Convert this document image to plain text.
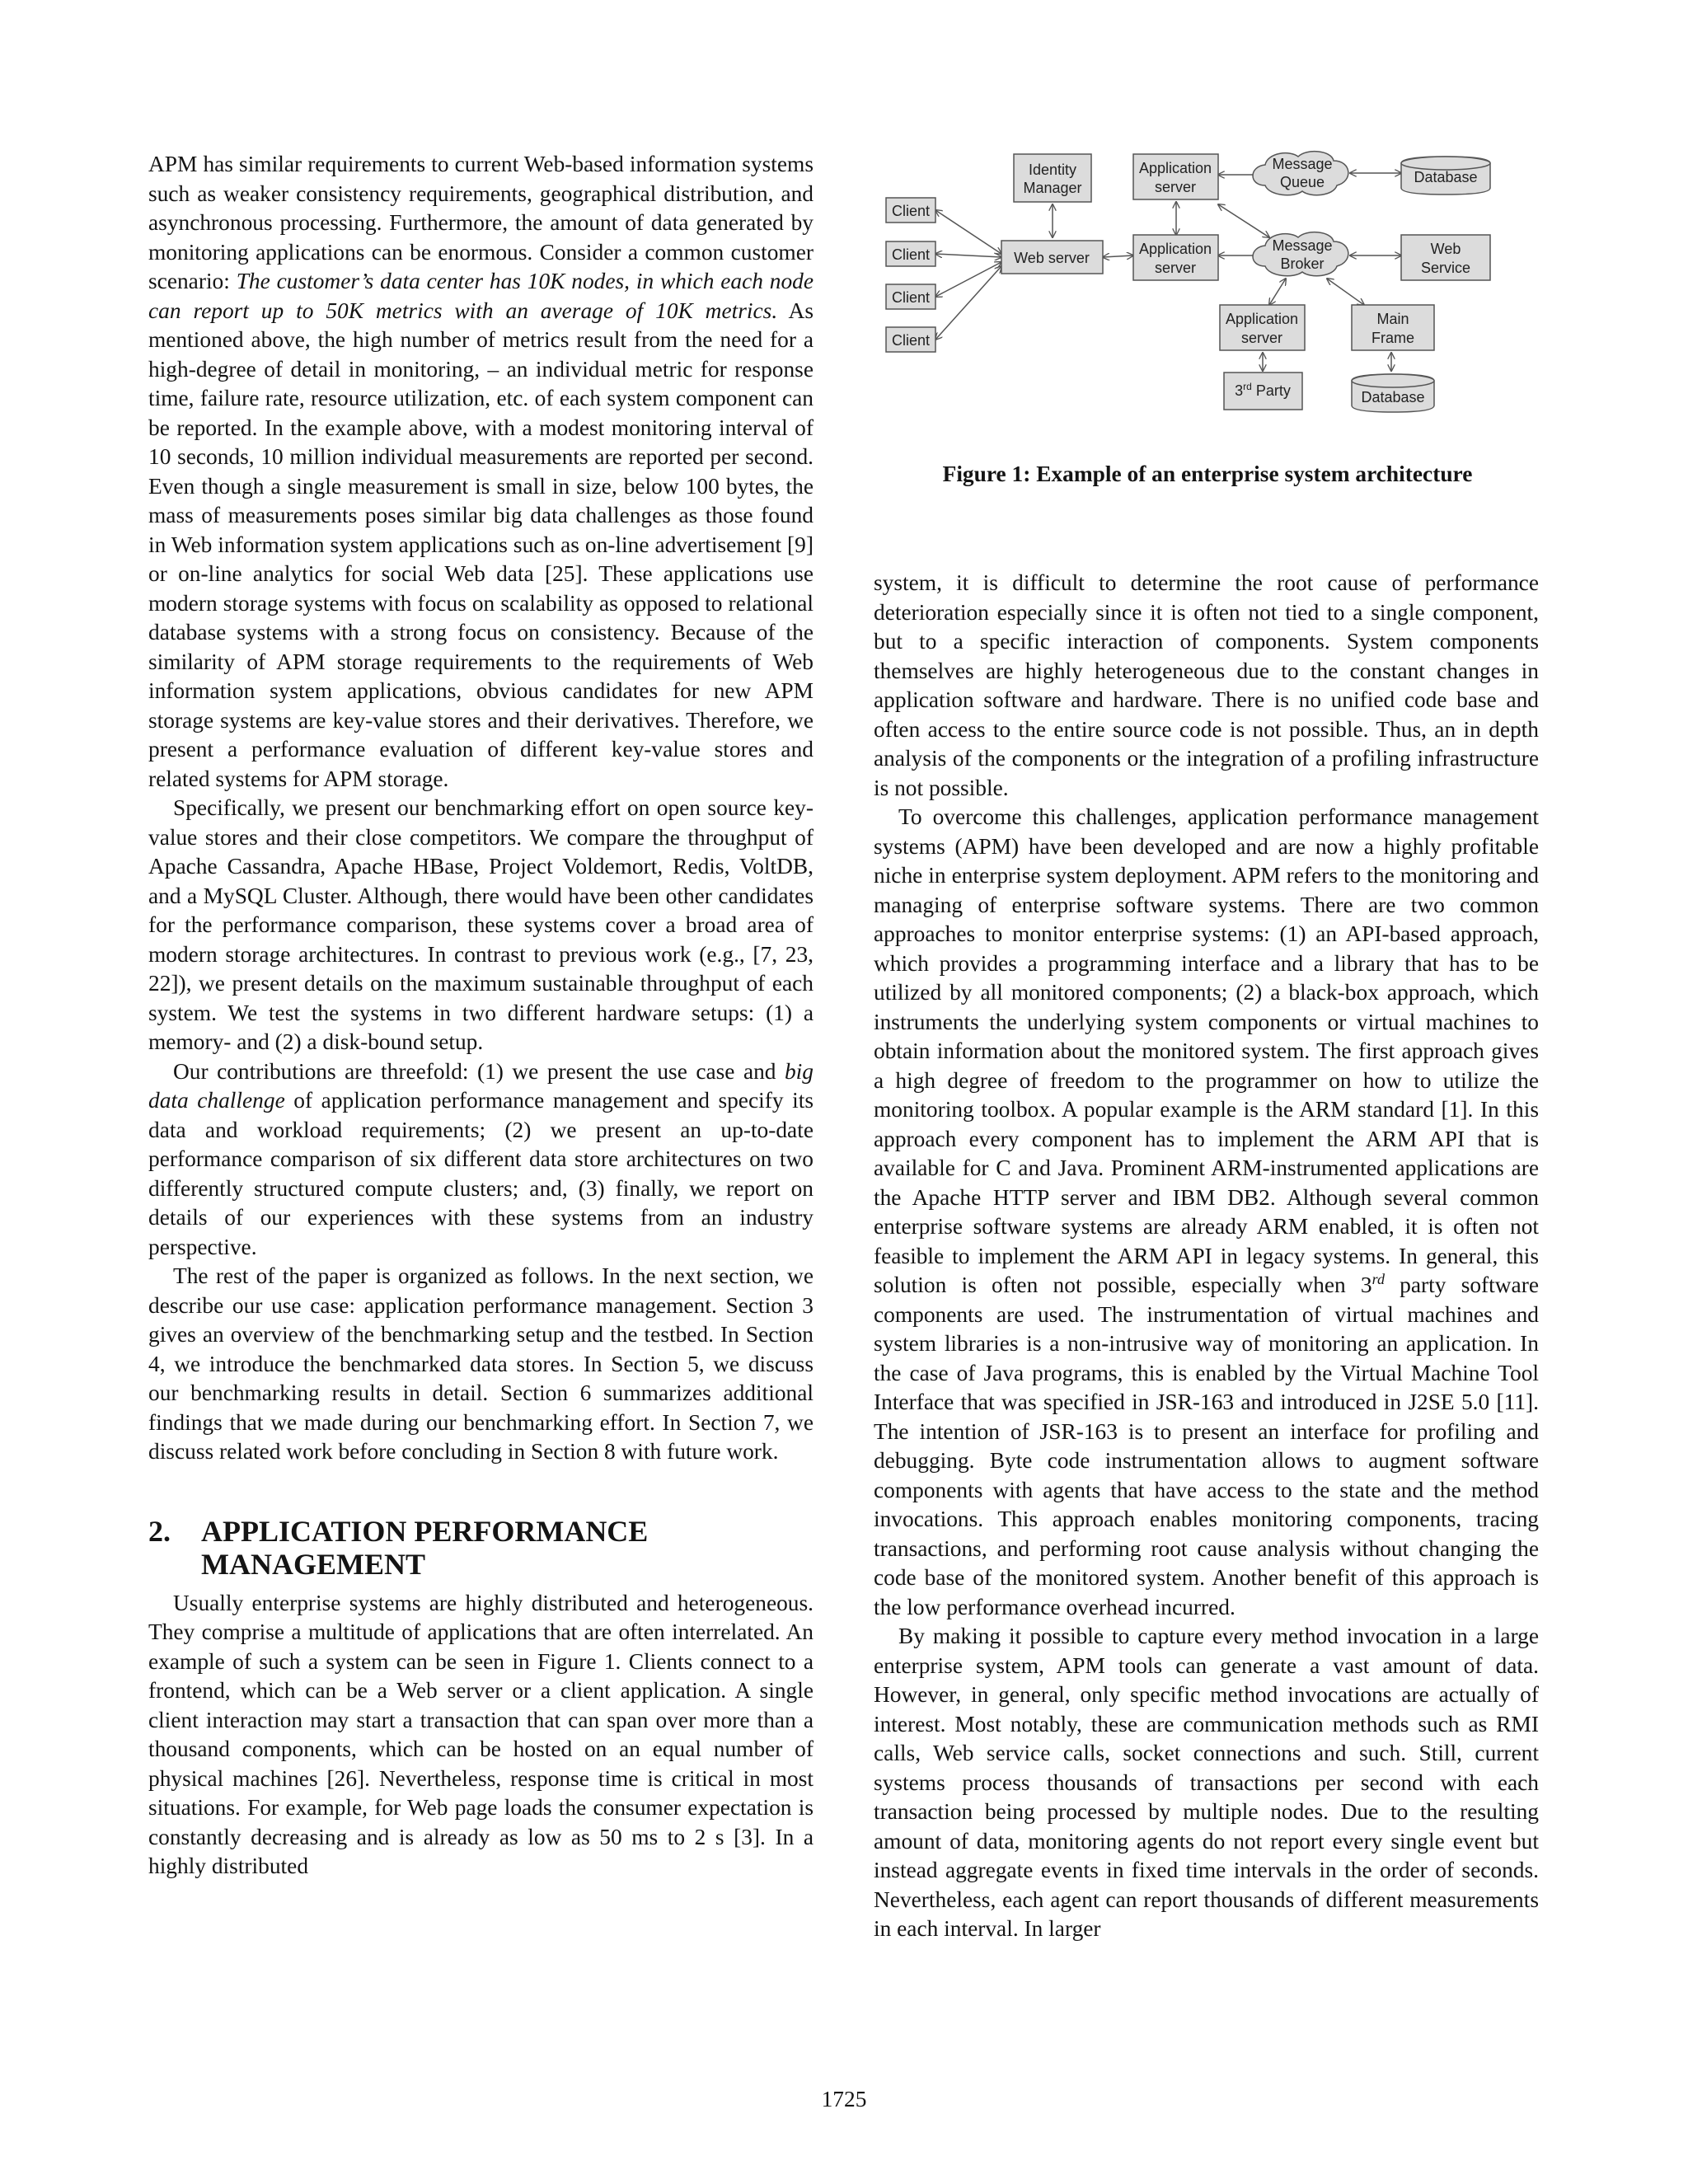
APM has similar requirements to current Web-based information systems such as weaker consistency requirements, geographical distribution, and asynchronous processing. Furthermore, the amount of data generated by monitoring applications can be enormous. Consider a common customer scenario: The customer’s data center has 10K nodes, in which each node can report up to 50K metrics with an average of 10K metrics. As mentioned above, the high number of metrics result from the need for a high-degree of detail in monitoring, – an individual metric for response time, failure rate, resource utilization, etc. of each system component can be reported. In the example above, with a modest monitoring interval of 10 seconds, 10 million individual measurements are reported per second. Even though a single measurement is small in size, below 100 bytes, the mass of measurements poses similar big data challenges as those found in Web information system applications such as on-line advertisement [9] or on-line analytics for social Web data [25]. These applications use modern storage systems with focus on scalability as opposed to relational database systems with a strong focus on consistency. Because of the similarity of APM storage requirements to the requirements of Web information system applications, obvious candidates for new APM storage systems are key-value stores and their derivatives. Therefore, we present a performance evaluation of different key-value stores and related systems for APM storage.

Specifically, we present our benchmarking effort on open source key-value stores and their close competitors. We compare the throughput of Apache Cassandra, Apache HBase, Project Voldemort, Redis, VoltDB, and a MySQL Cluster. Although, there would have been other candidates for the performance comparison, these systems cover a broad area of modern storage architectures. In contrast to previous work (e.g., [7, 23, 22]), we present details on the maximum sustainable throughput of each system. We test the systems in two different hardware setups: (1) a memory- and (2) a disk-bound setup.

Our contributions are threefold: (1) we present the use case and big data challenge of application performance management and specify its data and workload requirements; (2) we present an up-to-date performance comparison of six different data store architectures on two differently structured compute clusters; and, (3) finally, we report on details of our experiences with these systems from an industry perspective.

The rest of the paper is organized as follows. In the next section, we describe our use case: application performance management. Section 3 gives an overview of the benchmarking setup and the testbed. In Section 4, we introduce the benchmarked data stores. In Section 5, we discuss our benchmarking results in detail. Section 6 summarizes additional findings that we made during our benchmarking effort. In Section 7, we discuss related work before concluding in Section 8 with future work.

2. APPLICATION PERFORMANCE MANAGEMENT

Usually enterprise systems are highly distributed and heterogeneous. They comprise a multitude of applications that are often interrelated. An example of such a system can be seen in Figure 1. Clients connect to a frontend, which can be a Web server or a client application. A single client interaction may start a transaction that can span over more than a thousand components, which can be hosted on an equal number of physical machines [26]. Nevertheless, response time is critical in most situations. For example, for Web page loads the consumer expectation is constantly decreasing and is already as low as 50 ms to 2 s [3]. In a highly distributed

Client
Client
Client
Client
Identity
Manager
Web server
Application
server
Application
server
Application
server
Message
Queue
Message
Broker
Database
Web
Service
Main
Frame
3rd Party	Database
Figure 1: Example of an enterprise system architecture

system, it is difficult to determine the root cause of performance deterioration especially since it is often not tied to a single component, but to a specific interaction of components. System components themselves are highly heterogeneous due to the constant changes in application software and hardware. There is no unified code base and often access to the entire source code is not possible. Thus, an in depth analysis of the components or the integration of a profiling infrastructure is not possible.

To overcome this challenges, application performance management systems (APM) have been developed and are now a highly profitable niche in enterprise system deployment. APM refers to the monitoring and managing of enterprise software systems. There are two common approaches to monitor enterprise systems: (1) an API-based approach, which provides a programming interface and a library that has to be utilized by all monitored components; (2) a black-box approach, which instruments the underlying system components or virtual machines to obtain information about the monitored system. The first approach gives a high degree of freedom to the programmer on how to utilize the monitoring toolbox. A popular example is the ARM standard [1]. In this approach every component has to implement the ARM API that is available for C and Java. Prominent ARM-instrumented applications are the Apache HTTP server and IBM DB2. Although several common enterprise software systems are already ARM enabled, it is often not feasible to implement the ARM API in legacy systems. In general, this solution is often not possible, especially when 3rd party software components are used. The instrumentation of virtual machines and system libraries is a non-intrusive way of monitoring an application. In the case of Java programs, this is enabled by the Virtual Machine Tool Interface that was specified in JSR-163 and introduced in J2SE 5.0 [11]. The intention of JSR-163 is to present an interface for profiling and debugging. Byte code instrumentation allows to augment software components with agents that have access to the state and the method invocations. This approach enables monitoring components, tracing transactions, and performing root cause analysis without changing the code base of the monitored system. Another benefit of this approach is the low performance overhead incurred.

By making it possible to capture every method invocation in a large enterprise system, APM tools can generate a vast amount of data. However, in general, only specific method invocations are actually of interest. Most notably, these are communication methods such as RMI calls, Web service calls, socket connections and such. Still, current systems process thousands of transactions per second with each transaction being processed by multiple nodes. Due to the resulting amount of data, monitoring agents do not report every single event but instead aggregate events in fixed time intervals in the order of seconds. Nevertheless, each agent can report thousands of different measurements in each interval. In larger

1725
